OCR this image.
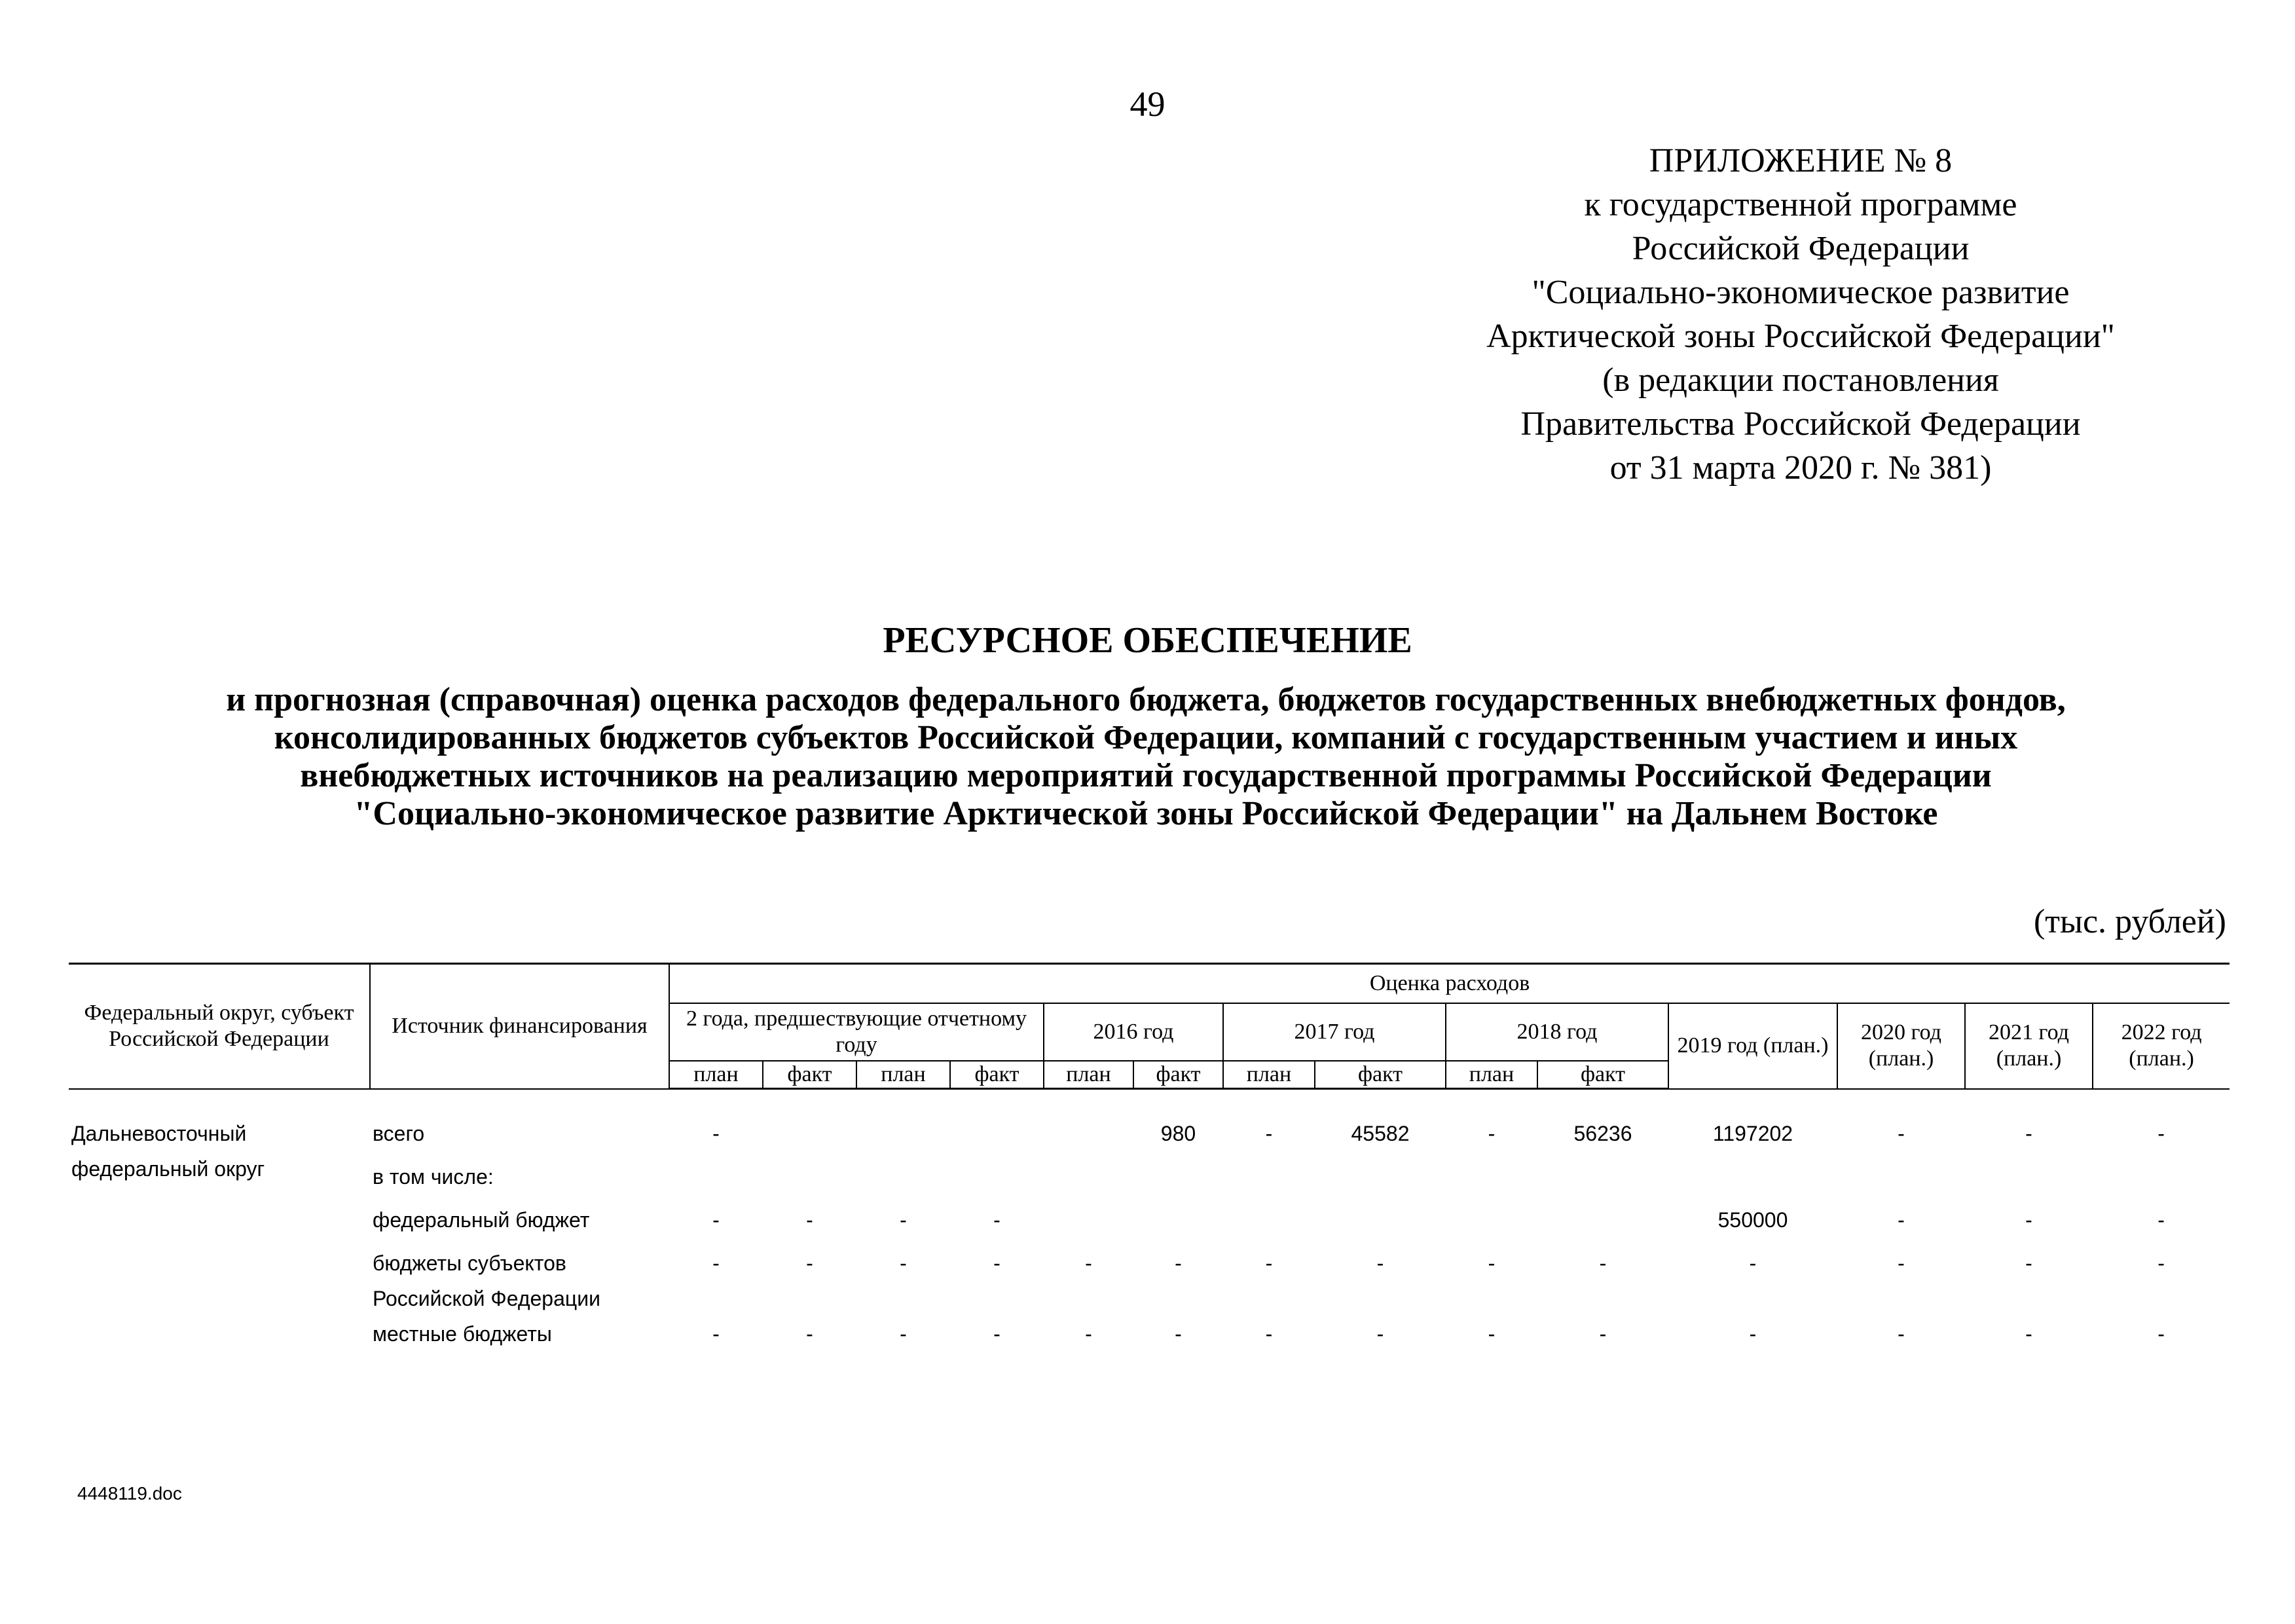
49
ПРИЛОЖЕНИЕ № 8
к государственной программе
Российской Федерации
"Социально-экономическое развитие
Арктической зоны Российской Федерации"
(в редакции постановления
Правительства Российской Федерации
от 31 марта 2020 г. № 381)
РЕСУРСНОЕ ОБЕСПЕЧЕНИЕ
и прогнозная (справочная) оценка расходов федерального бюджета, бюджетов государственных внебюджетных фондов,
консолидированных бюджетов субъектов Российской Федерации, компаний с государственным участием и иных
внебюджетных источников на реализацию мероприятий государственной программы Российской Федерации
"Социально-экономическое развитие Арктической зоны Российской Федерации" на Дальнем Востоке
(тыс. рублей)
Федеральный округ, субъект Российской Федерации	Источник финансирования	Оценка расходов													
		2 года, предшествующие отчетному году				2016 год		2017 год		2018 год		2019 год (план.)	2020 год (план.)	2021 год (план.)	2022 год (план.)
		план	факт	план	факт	план	факт	план	факт	план	факт				

Дальневосточный федеральный округ	всего	-					980	-	45582	-	56236	1197202	-	-	-
	в том числе:														
	федеральный бюджет	-	-	-	-							550000	-	-	-
	бюджеты субъектов Российской Федерации	-	-	-	-	-	-	-	-	-	-	-	-	-	-
	местные бюджеты	-	-	-	-	-	-	-	-	-	-	-	-	-	-
4448119.doc
